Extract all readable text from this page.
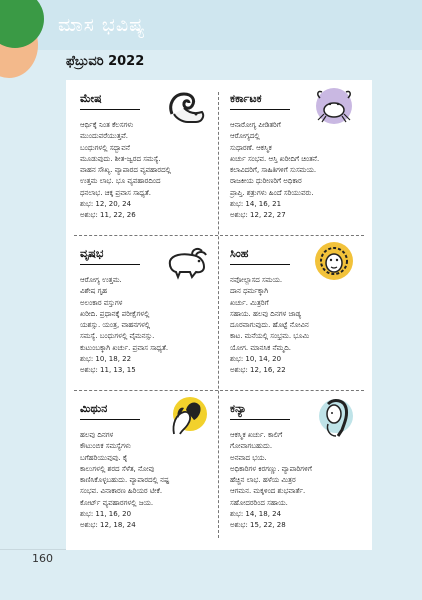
ಮಾಸ ಭವಿಷ್ಯ
ಫೆಬ್ರುವರಿ 2022
ಮೇಷ
ಆರ್ಥಿಕ್ಕೆ ನಿಂತ ಕೆಲಸಗಳು
ಮುಂದುವರೆಯುತ್ತವೆ.
ಬಂಧುಗಳಲ್ಲಿ ಸದ್ಭಾವನೆ
ಮೂಡುವುದು. ಶೀತ-ಜ್ವರದ ಸಮಸ್ಯೆ.
ವಾಹನ ಸೌಖ್ಯ. ವ್ಯಾಪಾರದ ವ್ಯವಹಾರದಲ್ಲಿ
ಉತ್ತಮ ಲಾಭ. ಭೂ ವ್ಯವಹಾರದಿಂದ
ಧನಲಾಭ. ಚಿಕ್ಕ ಪ್ರವಾಸ ಸಾಧ್ಯತೆ.
ಶುಭ: 12, 20, 24
ಅಶುಭ: 11, 22, 26
ಕರ್ಕಾಟಕ
ಆನಾರೋಗ್ಯ ಪೀಡಿತರಿಗೆ
ಆರೋಗ್ಯದಲ್ಲಿ
ಸುಧಾರಣೆ. ಆಕಸ್ಮಿಕ
ಖರ್ಚು ಸಂಭವ. ಆಸ್ತಿ ಖರೀದಿಗೆ ಚಿಂತನೆ.
ಕಲಾವಿದರಿಗೆ, ಸಾಹಿತಿಗಳಿಗೆ ಸುಸಮಯ.
ರಾಜಕೀಯ ಧುರೀಣರಿಗೆ ಅಧಿಕಾರ
ಪ್ರಾಪ್ತಿ. ಶತ್ರುಗಳು ಹಿಂದೆ ಸರಿಯುವರು.
ಶುಭ: 14, 16, 21
ಅಶುಭ: 12, 22, 27
ವೃಷಭ
ಆರೋಗ್ಯ ಉತ್ತಮ.
ವಿಶೇಷ ಗೃಹ
ಅಲಂಕಾರ ವಸ್ತುಗಳ
ಖರೀದಿ. ಪ್ರಧಾನಕ್ಕೆ ಪರೀಕ್ಷೆಗಳಲ್ಲಿ
ಯಶಸ್ಸು. ಯಂತ್ರ, ವಾಹನಗಳಲ್ಲಿ
ಸಮಸ್ಯೆ. ಬಂಧುಗಳಲ್ಲಿ ವೈಮನಸ್ಸು.
ಕುಟುಂಬಕ್ಕಾಗಿ ಖರ್ಚು. ಪ್ರವಾಸ ಸಾಧ್ಯತೆ.
ಶುಭ: 10, 18, 22
ಅಶುಭ: 11, 13, 15
ಸಿಂಹ
ನವೋಲ್ಲಾಸದ ಸಮಯ.
ದಾನ ಧರ್ಮಕ್ಕಾಗಿ
ಖರ್ಚು. ಮಿತ್ರರಿಗೆ
ಸಹಾಯ. ಹಲವು ದಿನಗಳ ಜಾಡ್ಯ
ದೂರವಾಗುವುದು. ಹೊಟ್ಟೆ ನೋವಿನ
ಕಾಟ. ಮನೆಯಲ್ಲಿ ಸಂಭ್ರಮ. ಭೂಮಿ
ಯೋಗ. ಮಾನಸಿಕ ನೆಮ್ಮದಿ.
ಶುಭ: 10, 14, 20
ಅಶುಭ: 12, 16, 22
ಮಿಥುನ
ಹಲವು ದಿನಗಳ
ಕೌಟುಂಬಿಕ ಸಮಸ್ಯೆಗಳು
ಬಗೆಹರಿಯುವುವು. ಕೈ
ಕಾಲುಗಳಲ್ಲಿ ಶರದ ಸೆಳೆತ, ನೋವು
ಕಾಣಿಸಿಕೊಳ್ಳಬಹುದು. ವ್ಯಾಪಾರದಲ್ಲಿ ನಷ್ಟ
ಸಂಭವ. ವಿನಾಕಾರಣ ಹಿರಿಯರ ಟೀಕೆ.
ಕೋರ್ಟ್ ವ್ಯವಹಾರಗಳಲ್ಲಿ ಜಯ.
ಶುಭ: 11, 16, 20
ಅಶುಭ: 12, 18, 24
ಕನ್ಯಾ
ಆಕಸ್ಮಿಕ ಖರ್ಚು. ಕಾಲಿಗೆ
ಗೋವಾಗಬಹುದು.
ಅನವಾದ ಭಯ.
ಅಧಿಕಾರಿಗಳ ಕಿರಗಣ್ಣು. ವ್ಯಾಪಾರಿಗಳಿಗೆ
ಹೆಚ್ಚಿನ ಲಾಭ. ಹಳೆಯ ಮಿತ್ರರ
ಆಗಮನ. ಮಕ್ಕಳಿಂದ ಶುಭವಾರ್ತೆ.
ಸಹೋದರರಿಂದ ಸಹಾಯ.
ಶುಭ: 14, 18, 24
ಅಶುಭ: 15, 22, 28
160
